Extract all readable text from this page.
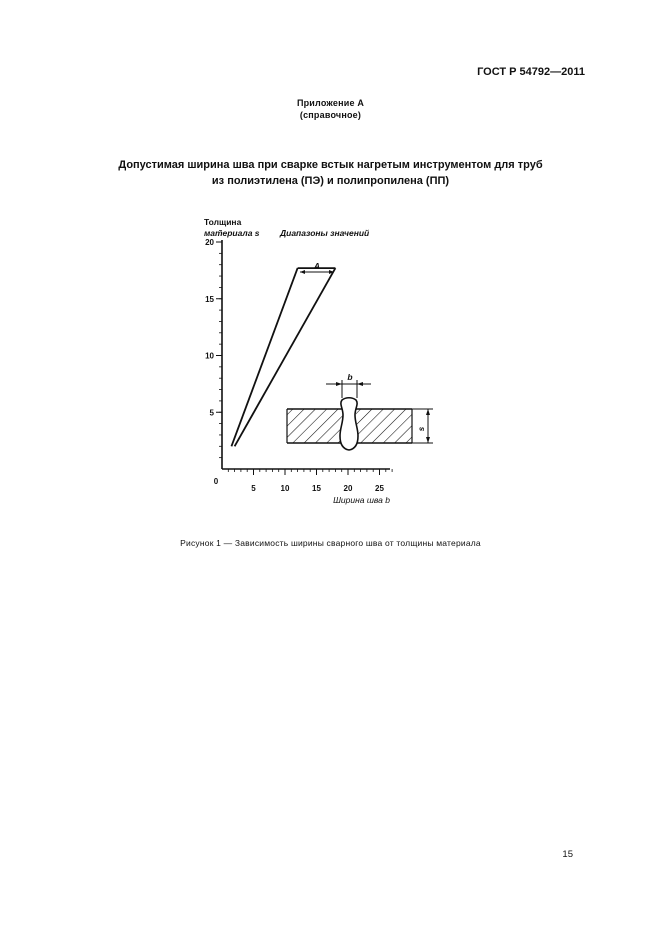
ГОСТ Р 54792—2011
Приложение А
(справочное)
Допустимая ширина шва при сварке встык нагретым инструментом для труб
из полиэтилена (ПЭ) и полипропилена (ПП)
5
10
15
20
5	10	15	20	25
Толщина
материала s Диапазоны значений
Ширина шва b
0
A
b
s
Рисунок 1 — Зависимость ширины сварного шва от толщины материала
15
